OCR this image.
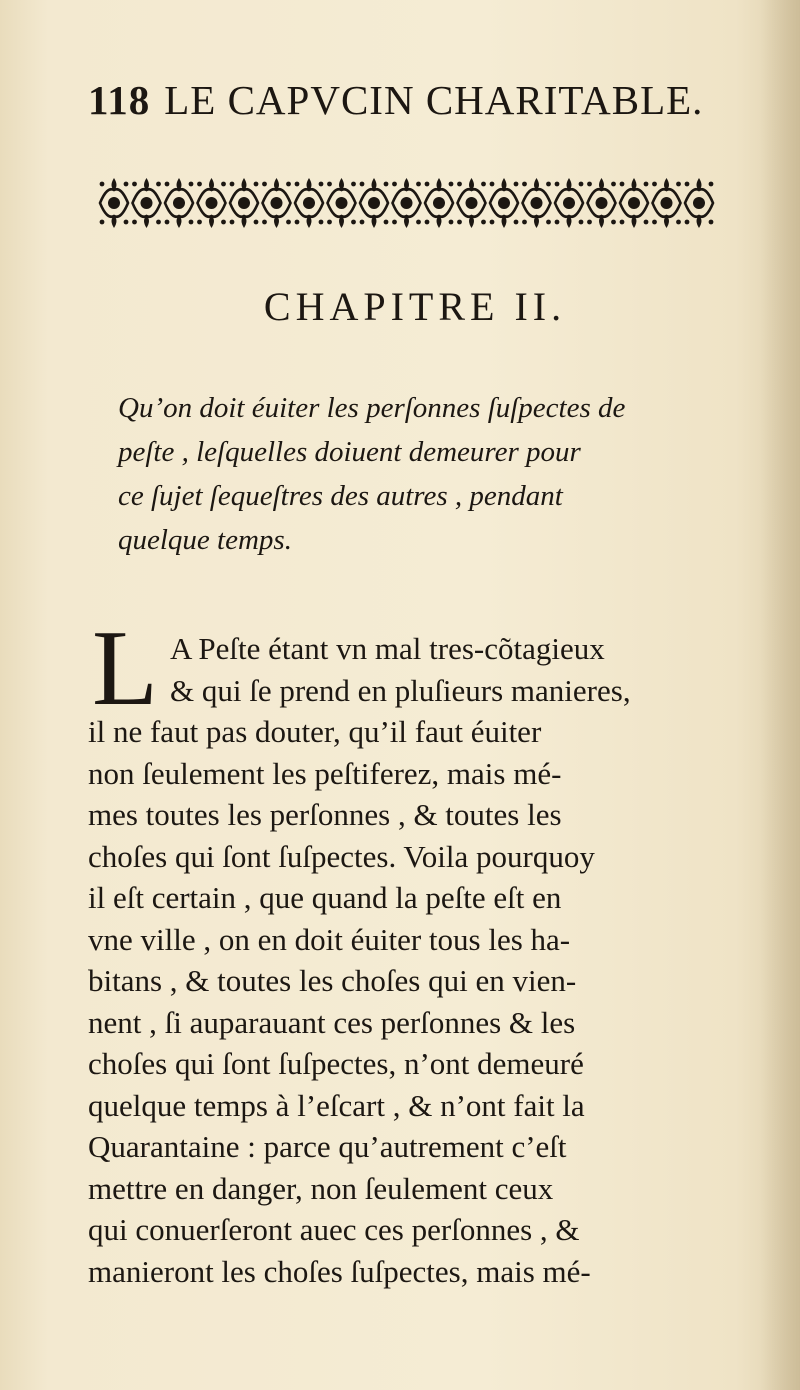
118 LE CAPVCIN CHARITABLE.
CHAPITRE II.
Qu’on doit éuiter les perſonnes ſuſpectes de
peſte , leſquelles doiuent demeurer pour
ce ſujet ſequeſtres des autres , pendant
quelque temps.
L A Peſte étant vn mal tres-cõtagieux
& qui ſe prend en pluſieurs manieres,
il ne faut pas douter, qu’il faut éuiter
non ſeulement les peſtiferez, mais mé-
mes toutes les perſonnes , & toutes les
choſes qui ſont ſuſpectes. Voila pourquoy
il eſt certain , que quand la peſte eſt en
vne ville , on en doit éuiter tous les ha-
bitans , & toutes les choſes qui en vien-
nent , ſi auparauant ces perſonnes & les
choſes qui ſont ſuſpectes, n’ont demeuré
quelque temps à l’eſcart , & n’ont fait la
Quarantaine : parce qu’autrement c’eſt
mettre en danger, non ſeulement ceux
qui conuerſeront auec ces perſonnes , &
manieront les choſes ſuſpectes, mais mé-
